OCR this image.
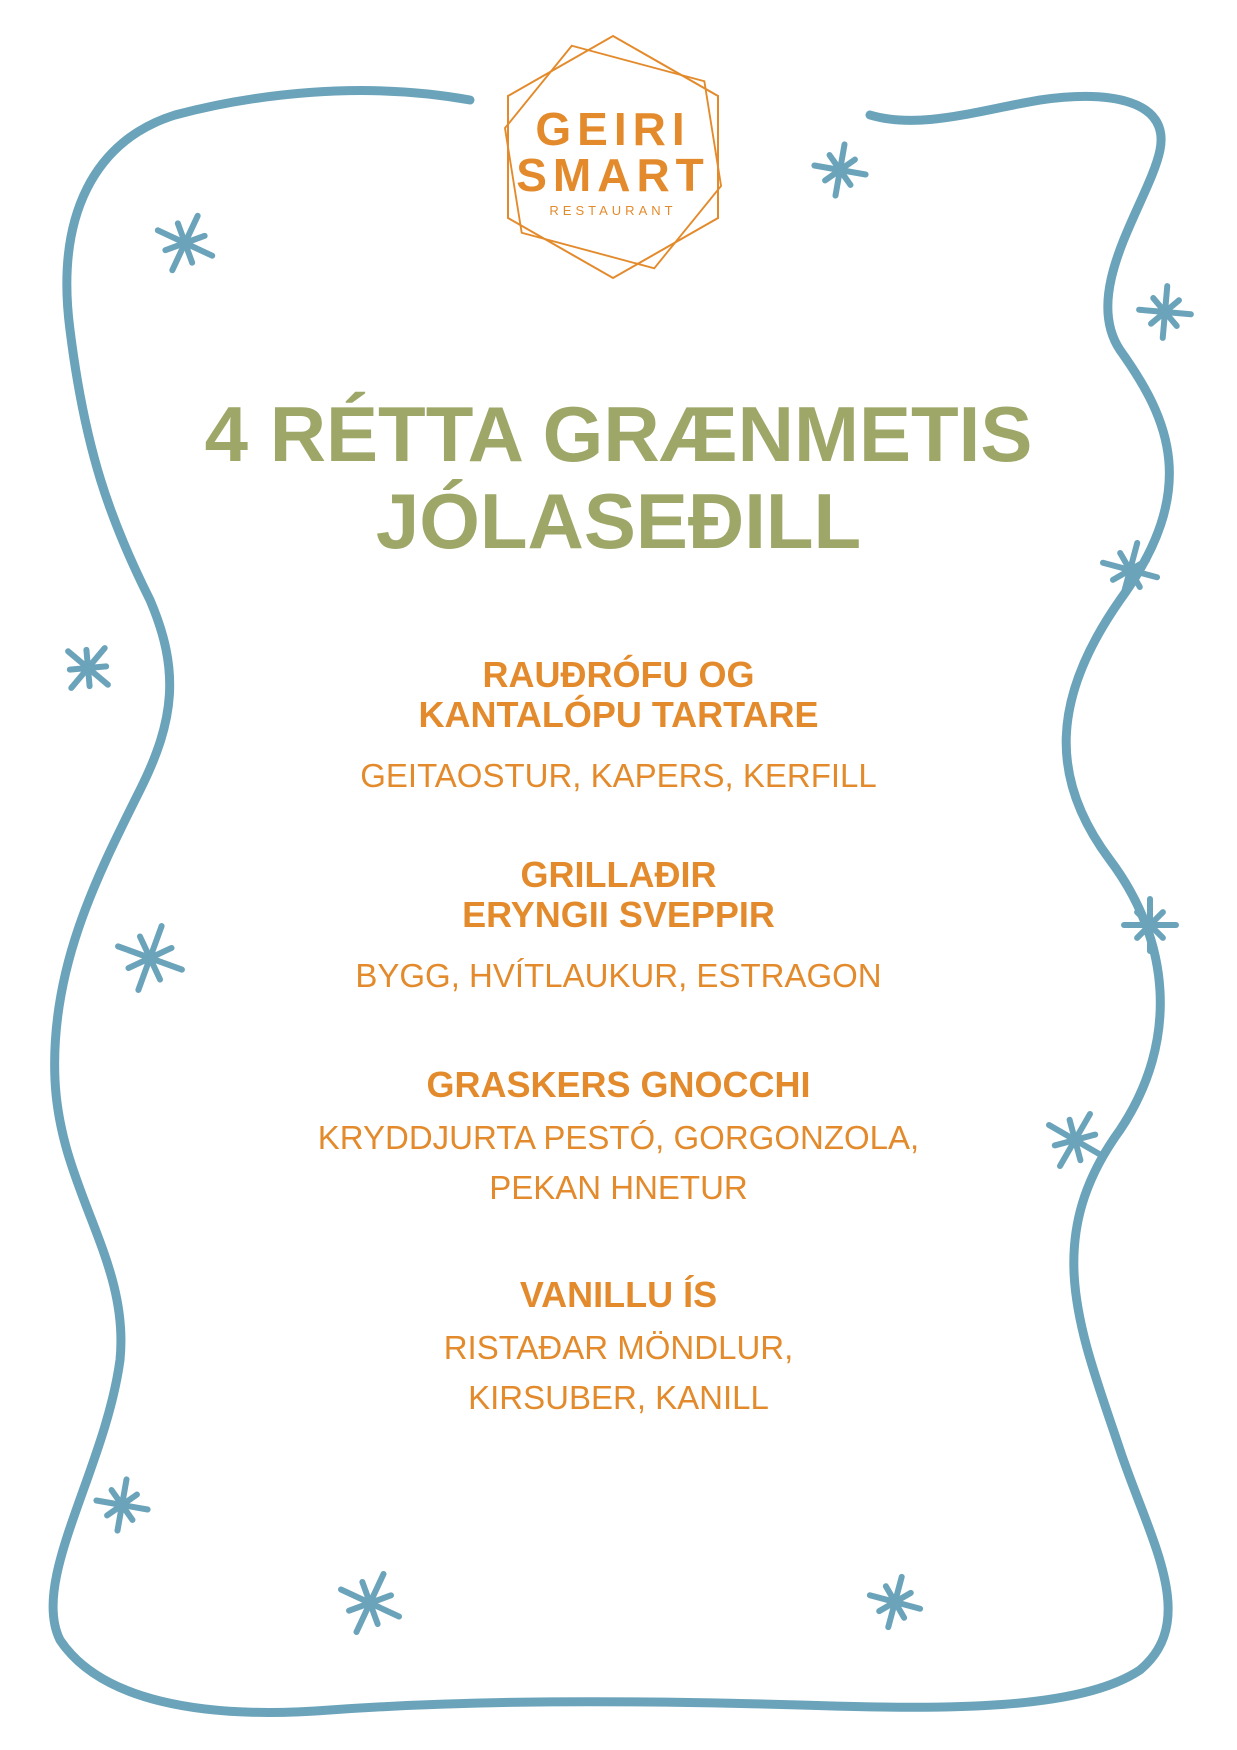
GEIRI
SMART
RESTAURANT
4 RÉTTA GRÆNMETIS
JÓLASEÐILL
RAUÐRÓFU OG
KANTALÓPU TARTARE
GEITAOSTUR, KAPERS, KERFILL
GRILLAÐIR
ERYNGII SVEPPIR
BYGG, HVÍTLAUKUR, ESTRAGON
GRASKERS GNOCCHI
KRYDDJURTA PESTÓ, GORGONZOLA,
PEKAN HNETUR
VANILLU ÍS
RISTAÐAR MÖNDLUR,
KIRSUBER, KANILL
